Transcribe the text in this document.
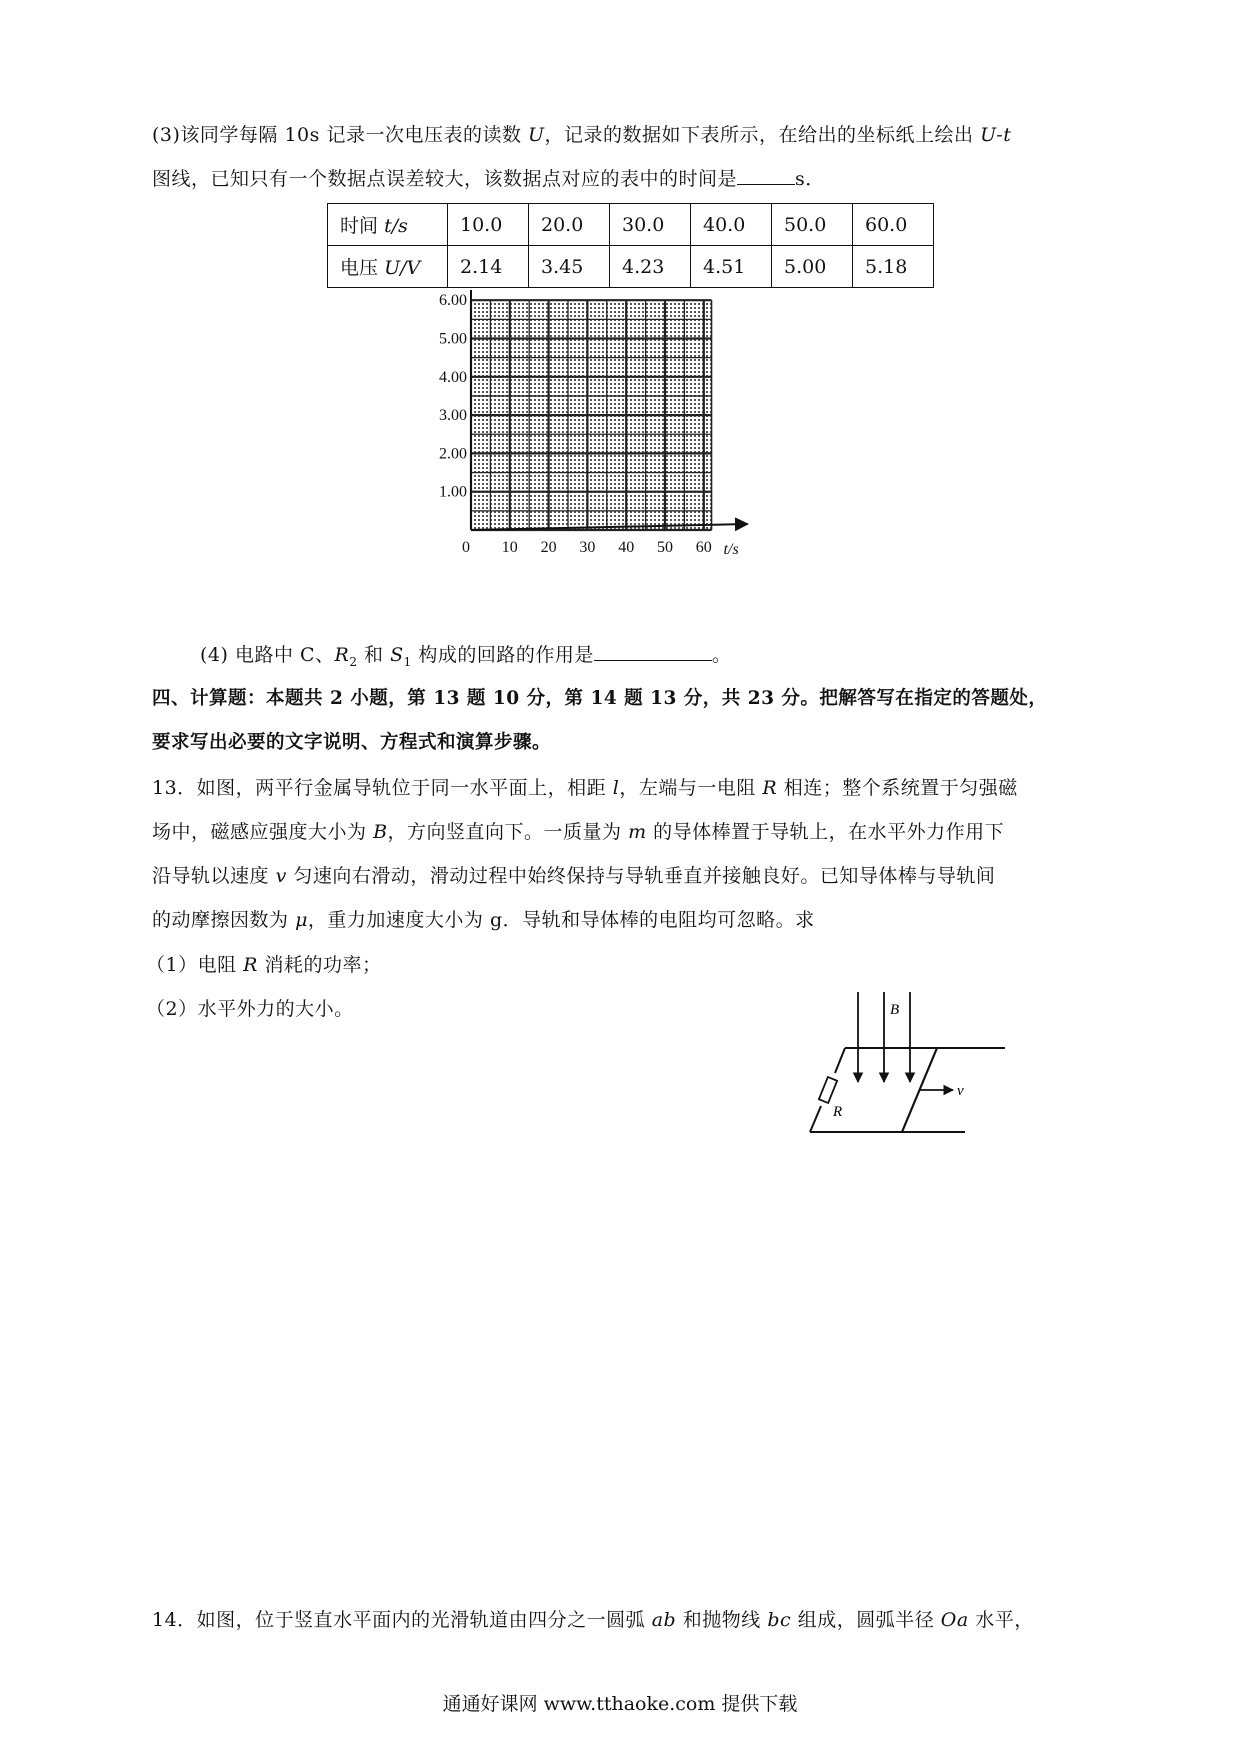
(3)该同学每隔 10s 记录一次电压表的读数 U，记录的数据如下表所示，在给出的坐标纸上绘出 U-t
图线，已知只有一个数据点误差较大，该数据点对应的表中的时间是	s．
时间 t/s	10.0	20.0	30.0	40.0	50.0	60.0
电压 U/V	2.14	3.45	4.23	4.51	5.00	5.18
0 10 20 30 40 50 60
1.00
2.00
3.00
4.00
5.00
6.00
t/s
(4) 电路中 C、$R_2$ 和 $S_1$ 构成的回路的作用是	。
四、计算题：本题共 2 小题，第 13 题 10 分，第 14 题 13 分，共 23 分。把解答写在指定的答题处，
要求写出必要的文字说明、方程式和演算步骤。
13．如图，两平行金属导轨位于同一水平面上，相距 l，左端与一电阻 R 相连；整个系统置于匀强磁
场中，磁感应强度大小为 B，方向竖直向下。一质量为 m 的导体棒置于导轨上，在水平外力作用下
沿导轨以速度 v 匀速向右滑动，滑动过程中始终保持与导轨垂直并接触良好。已知导体棒与导轨间
的动摩擦因数为 μ，重力加速度大小为 g．导轨和导体棒的电阻均可忽略。求
（1）电阻 R 消耗的功率；
（2）水平外力的大小。
R
v
B
14．如图，位于竖直水平面内的光滑轨道由四分之一圆弧 ab 和抛物线 bc 组成，圆弧半径 Oa 水平，
通通好课网 www.tthaoke.com 提供下载
